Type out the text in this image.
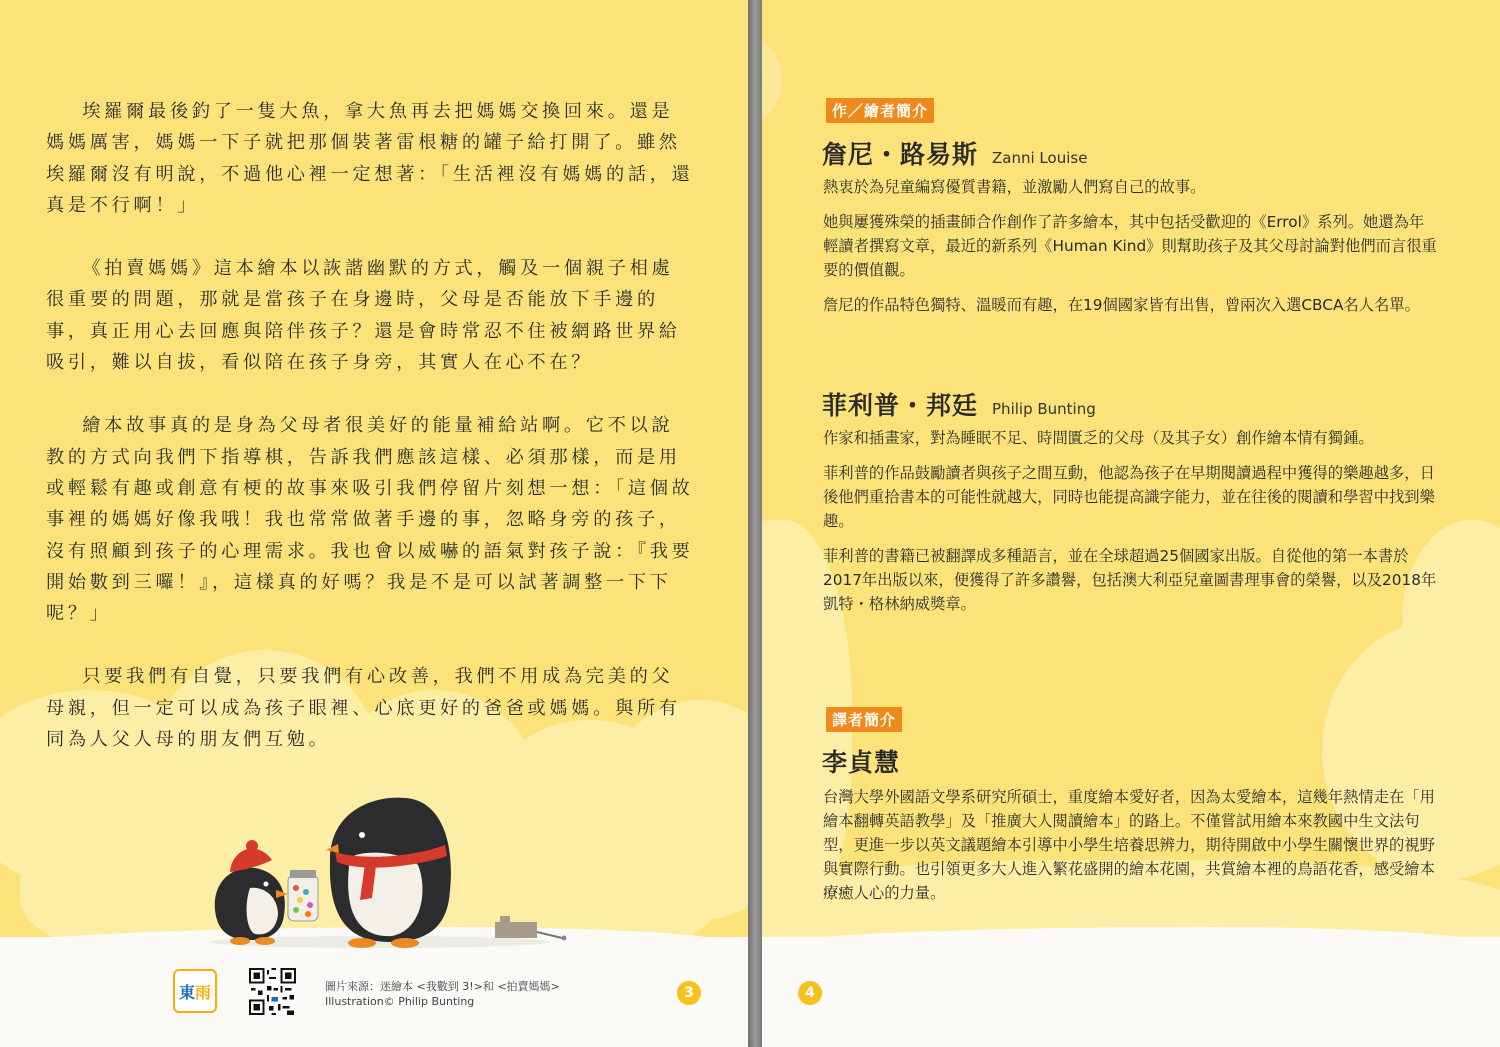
埃羅爾最後釣了一隻大魚，拿大魚再去把媽媽交換回來。還是媽媽厲害，媽媽一下子就把那個裝著雷根糖的罐子給打開了。雖然埃羅爾沒有明說，不過他心裡一定想著：「生活裡沒有媽媽的話，還真是不行啊！」

《拍賣媽媽》這本繪本以詼諧幽默的方式，觸及一個親子相處很重要的問題，那就是當孩子在身邊時，父母是否能放下手邊的事，真正用心去回應與陪伴孩子？還是會時常忍不住被網路世界給吸引，難以自拔，看似陪在孩子身旁，其實人在心不在？

繪本故事真的是身為父母者很美好的能量補給站啊。它不以說教的方式向我們下指導棋，告訴我們應該這樣、必須那樣，而是用或輕鬆有趣或創意有梗的故事來吸引我們停留片刻想一想：「這個故事裡的媽媽好像我哦！我也常常做著手邊的事，忽略身旁的孩子，沒有照顧到孩子的心理需求。我也會以威嚇的語氣對孩子說：『我要開始數到三囉！』，這樣真的好嗎？我是不是可以試著調整一下下呢？」

只要我們有自覺，只要我們有心改善，我們不用成為完美的父母親，但一定可以成為孩子眼裡、心底更好的爸爸或媽媽。與所有同為人父人母的朋友們互勉。

東 雨	圖片來源：迷繪本 <我數到 3!>和 <拍賣媽媽>
Illustration© Philip Bunting
3
作／繪者簡介
詹尼・路易斯 Zanni Louise

熱衷於為兒童編寫優質書籍，並激勵人們寫自己的故事。

她與屢獲殊榮的插畫師合作創作了許多繪本，其中包括受歡迎的《Errol》系列。她還為年輕讀者撰寫文章，最近的新系列《Human Kind》則幫助孩子及其父母討論對他們而言很重要的價值觀。

詹尼的作品特色獨特、溫暖而有趣，在19個國家皆有出售，曾兩次入選CBCA名人名單。

菲利普・邦廷 Philip Bunting

作家和插畫家，對為睡眠不足、時間匱乏的父母（及其子女）創作繪本情有獨鍾。

菲利普的作品鼓勵讀者與孩子之間互動，他認為孩子在早期閱讀過程中獲得的樂趣越多，日後他們重拾書本的可能性就越大，同時也能提高識字能力，並在往後的閱讀和學習中找到樂趣。

菲利普的書籍已被翻譯成多種語言，並在全球超過25個國家出版。自從他的第一本書於2017年出版以來，便獲得了許多讚譽，包括澳大利亞兒童圖書理事會的榮譽，以及2018年凱特・格林納威獎章。

譯者簡介
李貞慧

台灣大學外國語文學系研究所碩士，重度繪本愛好者，因為太愛繪本，這幾年熱情走在「用繪本翻轉英語教學」及「推廣大人閱讀繪本」的路上。不僅嘗試用繪本來教國中生文法句型，更進一步以英文議題繪本引導中小學生培養思辨力，期待開啟中小學生關懷世界的視野與實際行動。也引領更多大人進入繁花盛開的繪本花園，共賞繪本裡的鳥語花香，感受繪本療癒人心的力量。

4
